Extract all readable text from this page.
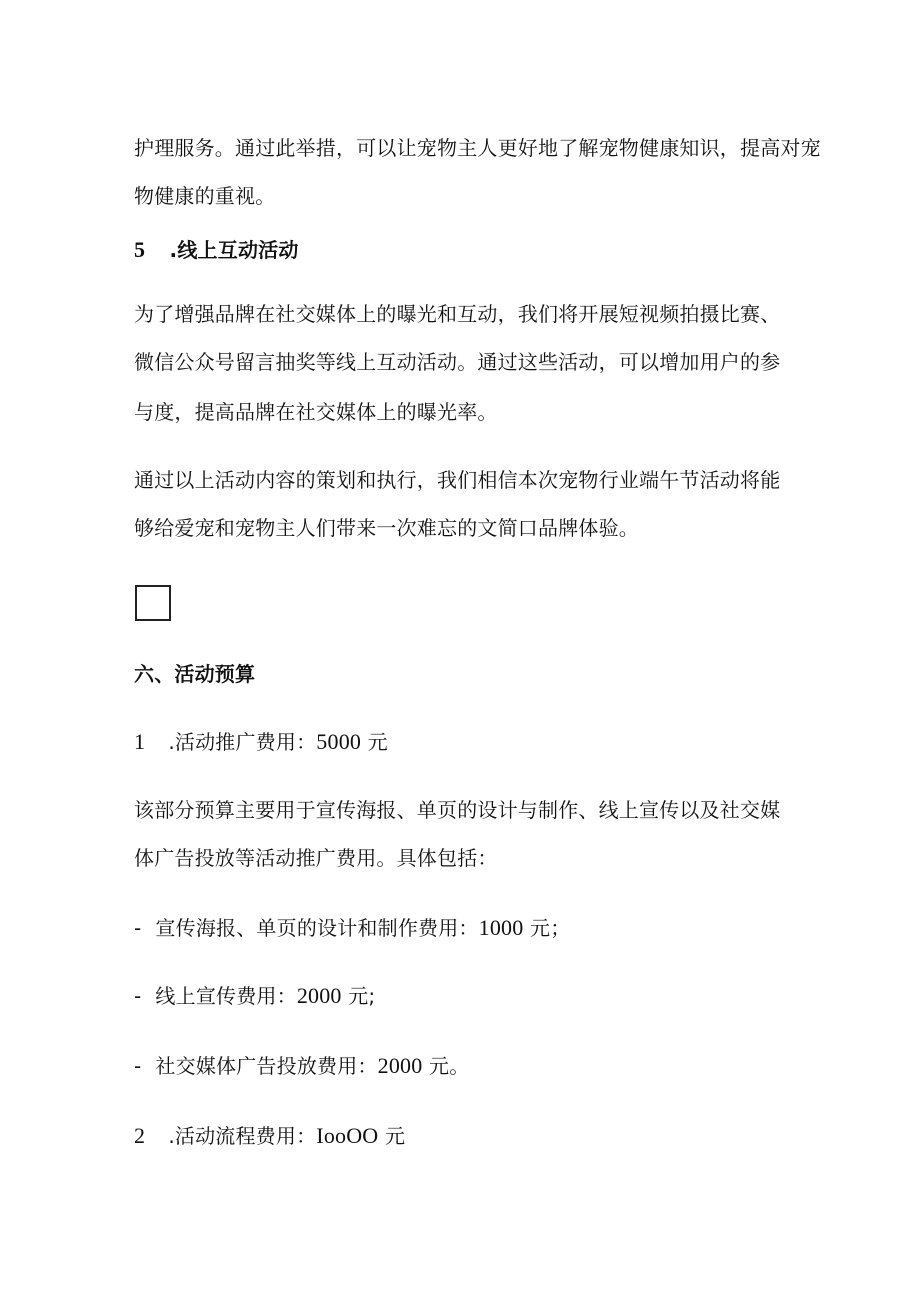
护理服务。通过此举措，可以让宠物主人更好地了解宠物健康知识，提高对宠
物健康的重视。
5 .线上互动活动
为了增强品牌在社交媒体上的曝光和互动，我们将开展短视频拍摄比赛、
微信公众号留言抽奖等线上互动活动。通过这些活动，可以增加用户的参
与度，提高品牌在社交媒体上的曝光率。
通过以上活动内容的策划和执行，我们相信本次宠物行业端午节活动将能
够给爱宠和宠物主人们带来一次难忘的文简口品牌体验。
六、活动预算
1 .活动推广费用：5000 元
该部分预算主要用于宣传海报、单页的设计与制作、线上宣传以及社交媒
体广告投放等活动推广费用。具体包括：
- 宣传海报、单页的设计和制作费用：1000 元；
- 线上宣传费用：2000 元;
- 社交媒体广告投放费用：2000 元。
2 .活动流程费用：IooOO 元
